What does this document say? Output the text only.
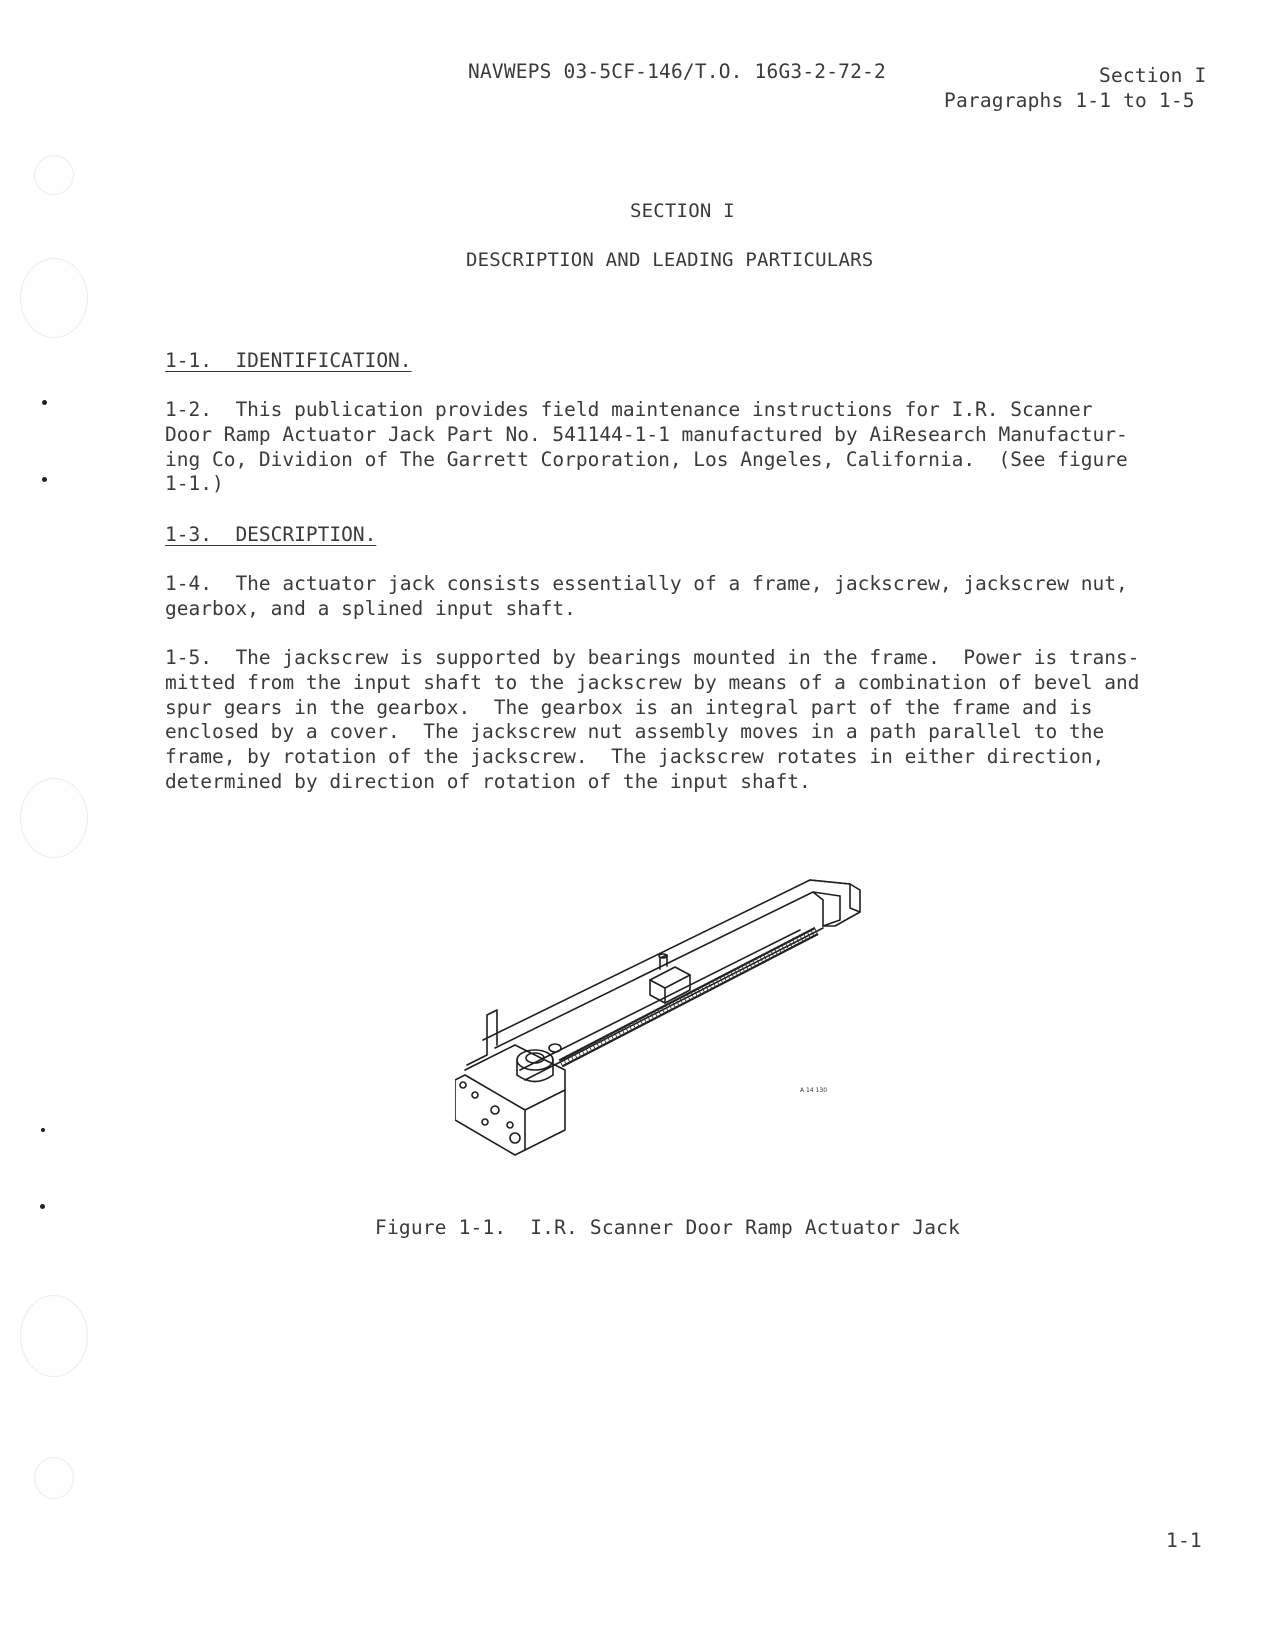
NAVWEPS 03-5CF-146/T.O. 16G3-2-72-2	Section I
Paragraphs 1-1 to 1-5
SECTION I
DESCRIPTION AND LEADING PARTICULARS
1-1.  IDENTIFICATION.
1-2.  This publication provides field maintenance instructions for I.R. Scanner
Door Ramp Actuator Jack Part No. 541144-1-1 manufactured by AiResearch Manufactur-
ing Co, Dividion of The Garrett Corporation, Los Angeles, California.  (See figure
1-1.)
1-3.  DESCRIPTION.
1-4.  The actuator jack consists essentially of a frame, jackscrew, jackscrew nut,
gearbox, and a splined input shaft.
1-5.  The jackscrew is supported by bearings mounted in the frame.  Power is trans-
mitted from the input shaft to the jackscrew by means of a combination of bevel and
spur gears in the gearbox.  The gearbox is an integral part of the frame and is
enclosed by a cover.  The jackscrew nut assembly moves in a path parallel to the
frame, by rotation of the jackscrew.  The jackscrew rotates in either direction,
determined by direction of rotation of the input shaft.
A 14 130
Figure 1-1.  I.R. Scanner Door Ramp Actuator Jack
1-1
